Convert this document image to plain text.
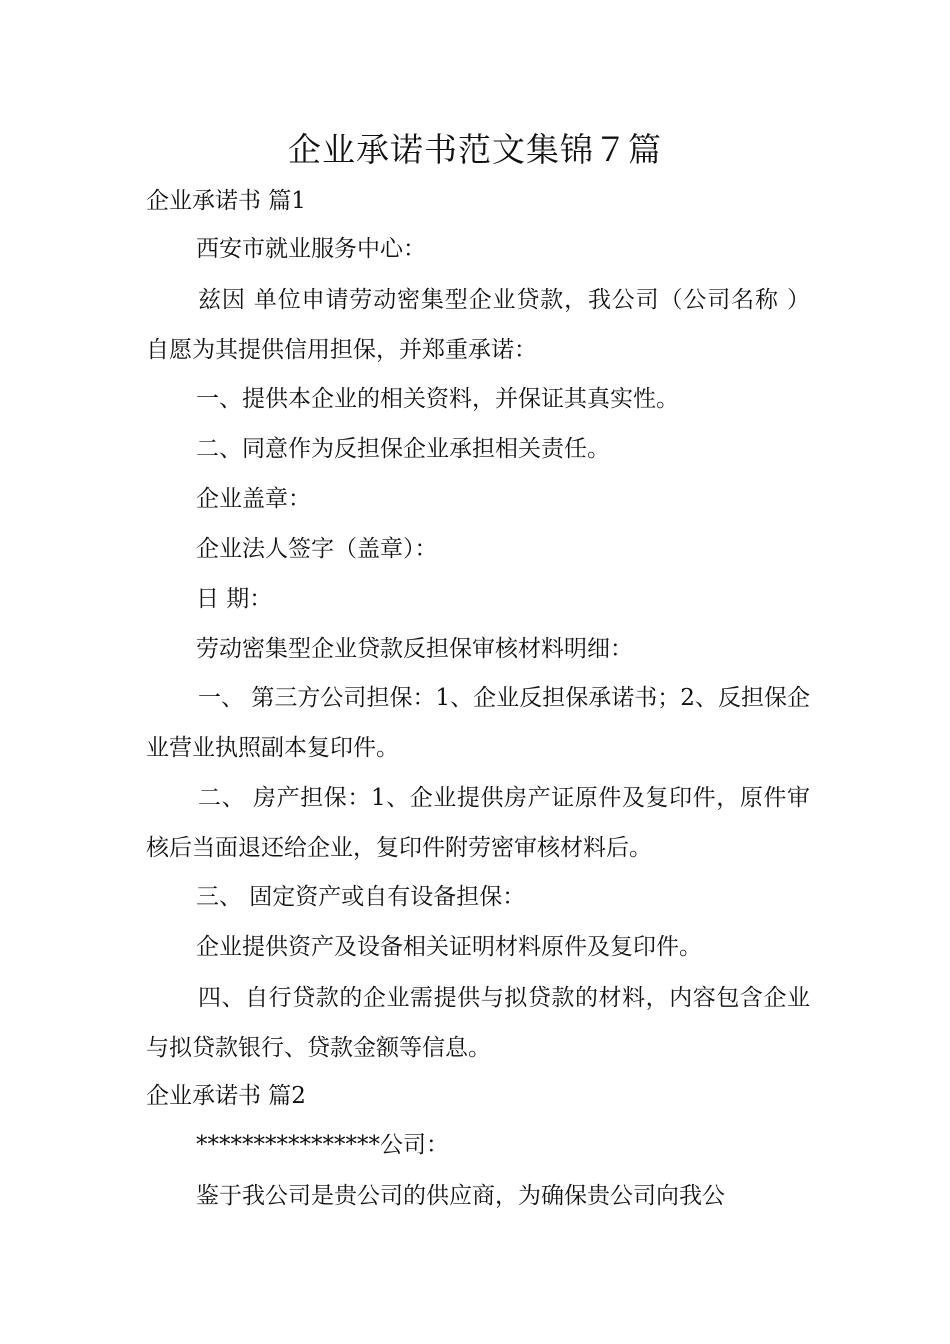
企业承诺书范文集锦７篇
企业承诺书 篇1

西安市就业服务中心：

兹因 单位申请劳动密集型企业贷款，我公司（公司名称 ）自愿为其提供信用担保，并郑重承诺：

一、提供本企业的相关资料，并保证其真实性。

二、同意作为反担保企业承担相关责任。

企业盖章：

企业法人签字（盖章）：

日 期：

劳动密集型企业贷款反担保审核材料明细：

一、 第三方公司担保：1、企业反担保承诺书；2、反担保企业营业执照副本复印件。

二、 房产担保：1、企业提供房产证原件及复印件，原件审核后当面退还给企业，复印件附劳密审核材料后。

三、 固定资产或自有设备担保：

企业提供资产及设备相关证明材料原件及复印件。

四、自行贷款的企业需提供与拟贷款的材料，内容包含企业与拟贷款银行、贷款金额等信息。

企业承诺书 篇2

****************公司：

鉴于我公司是贵公司的供应商，为确保贵公司向我公
